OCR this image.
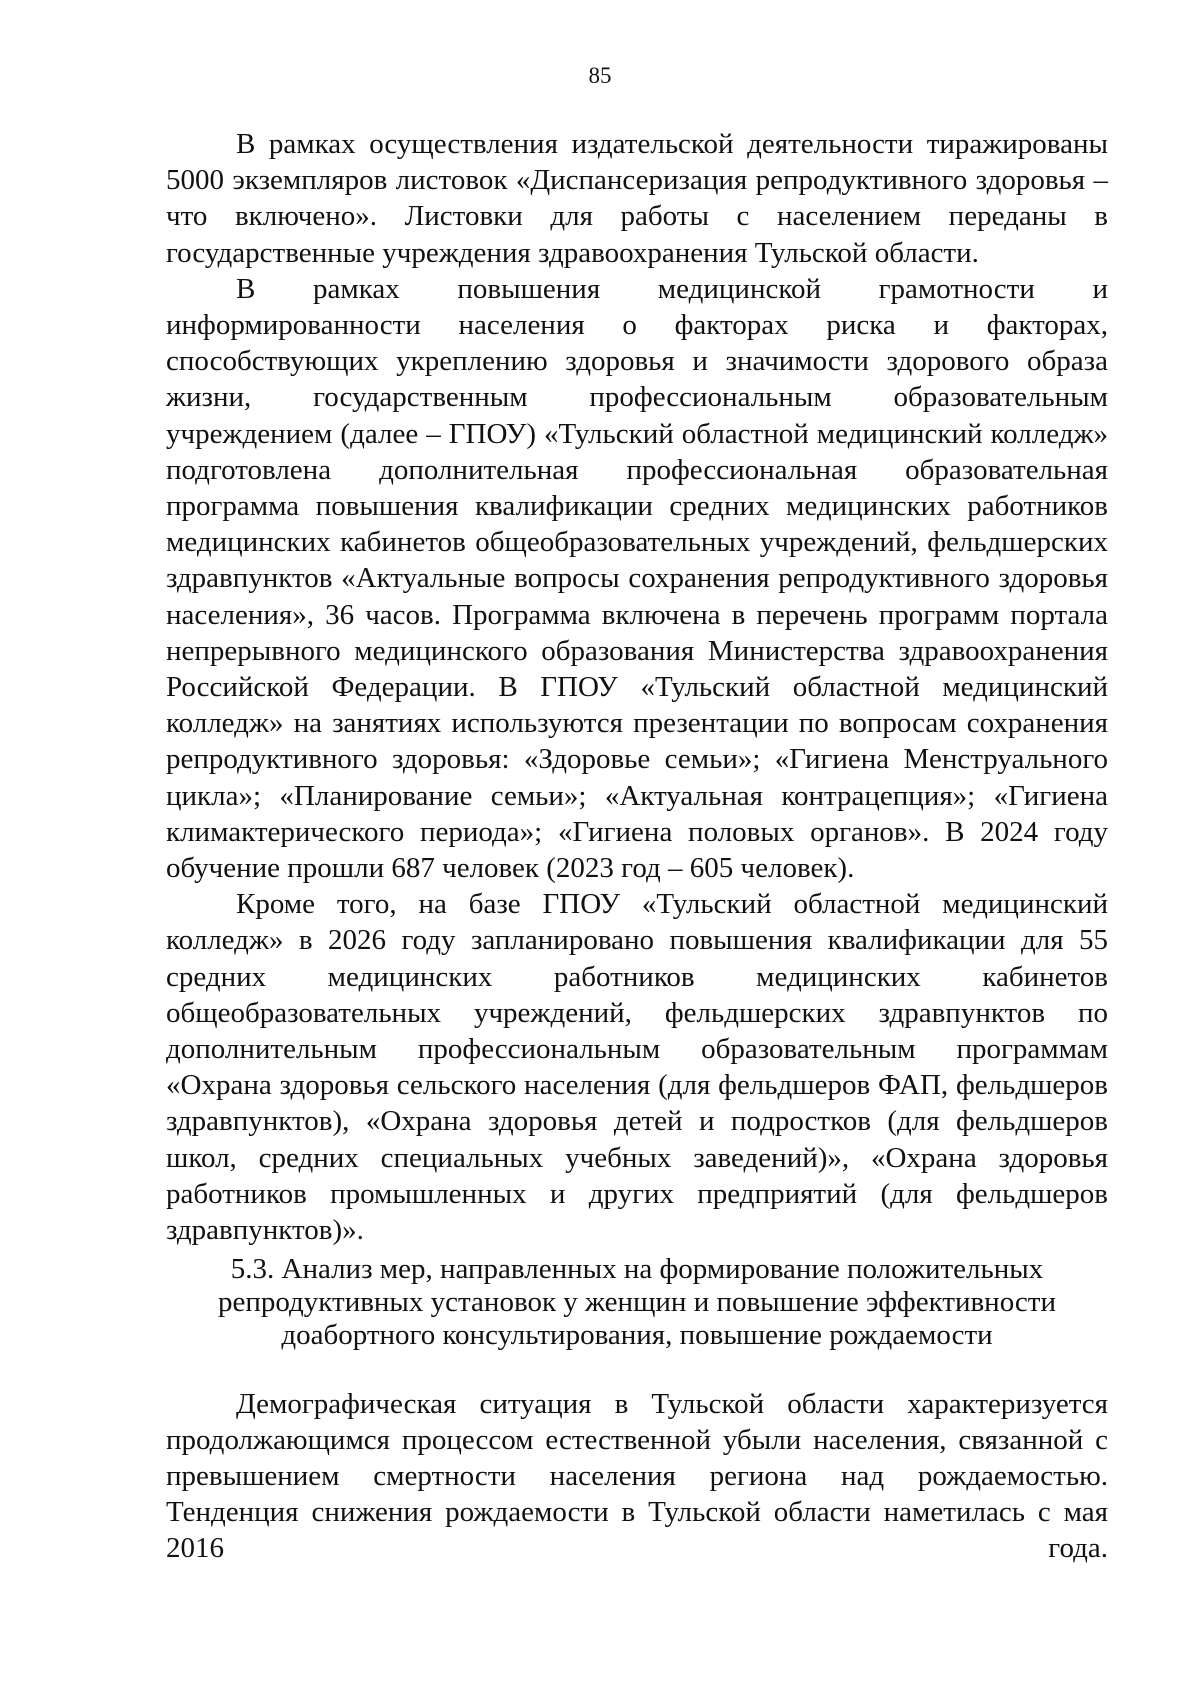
85

В рамках осуществления издательской деятельности тиражированы 5000 экземпляров листовок «Диспансеризация репродуктивного здоровья – что включено». Листовки для работы с населением переданы в государственные учреждения здравоохранения Тульской области.

В рамках повышения медицинской грамотности и информированности населения о факторах риска и факторах, способствующих укреплению здоровья и значимости здорового образа жизни, государственным профессиональным образовательным учреждением (далее – ГПОУ) «Тульский областной медицинский колледж» подготовлена дополнительная профессиональная образовательная программа повышения квалификации средних медицинских работников медицинских кабинетов общеобразовательных учреждений, фельдшерских здравпунктов «Актуальные вопросы сохранения репродуктивного здоровья населения», 36 часов. Программа включена в перечень программ портала непрерывного медицинского образования Министерства здравоохранения Российской Федерации. В ГПОУ «Тульский областной медицинский колледж» на занятиях используются презентации по вопросам сохранения репродуктивного здоровья: «Здоровье семьи»; «Гигиена Менструального цикла»; «Планирование семьи»; «Актуальная контрацепция»; «Гигиена климактерического периода»; «Гигиена половых органов». В 2024 году обучение прошли 687 человек (2023 год – 605 человек).

Кроме того, на базе ГПОУ «Тульский областной медицинский колледж» в 2026 году запланировано повышения квалификации для 55 средних медицинских работников медицинских кабинетов общеобразовательных учреждений, фельдшерских здравпунктов по дополнительным профессиональным образовательным программам «Охрана здоровья сельского населения (для фельдшеров ФАП, фельдшеров здравпунктов), «Охрана здоровья детей и подростков (для фельдшеров школ, средних специальных учебных заведений)», «Охрана здоровья работников промышленных и других предприятий (для фельдшеров здравпунктов)».

5.3. Анализ мер, направленных на формирование положительных
репродуктивных установок у женщин и повышение эффективности
доабортного консультирования, повышение рождаемости

Демографическая ситуация в Тульской области характеризуется продолжающимся процессом естественной убыли населения, связанной с превышением смертности населения региона над рождаемостью. Тенденция снижения рождаемости в Тульской области наметилась с мая 2016 года.
